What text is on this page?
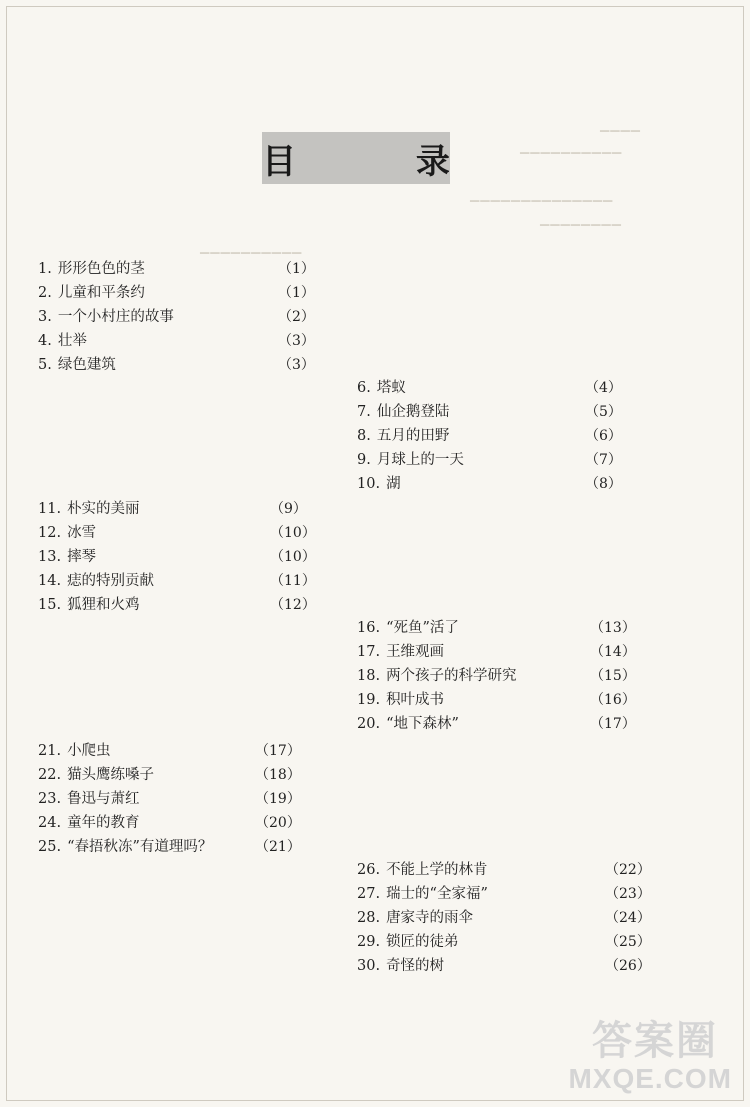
▁▁▁▁
▁▁▁▁▁▁▁▁▁▁
▁▁▁▁▁▁▁▁▁▁▁▁▁▁
▁▁▁▁▁▁▁▁
▁▁▁▁▁▁▁▁▁▁
目 录
1. 形形色色的茎	（1）
2. 儿童和平条约	（1）
3. 一个小村庄的故事	（2）
4. 壮举	（3）
5. 绿色建筑	（3）
6. 塔蚁	（4）
7. 仙企鹅登陆	（5）
8. 五月的田野	（6）
9. 月球上的一天	（7）
10. 湖	（8）
11. 朴实的美丽	（9）
12. 冰雪	（10）
13. 摔琴	（10）
14. 痣的特别贡献	（11）
15. 狐狸和火鸡	（12）
16. “死鱼”活了	（13）
17. 王维观画	（14）
18. 两个孩子的科学研究	（15）
19. 积叶成书	（16）
20. “地下森林”	（17）
21. 小爬虫	（17）
22. 猫头鹰练嗓子	（18）
23. 鲁迅与萧红	（19）
24. 童年的教育	（20）
25. “春捂秋冻”有道理吗？	（21）
26. 不能上学的林肯	（22）
27. 瑞士的“全家福”	（23）
28. 唐家寺的雨伞	（24）
29. 锁匠的徒弟	（25）
30. 奇怪的树	（26）
答案圈
MXQE.COM
